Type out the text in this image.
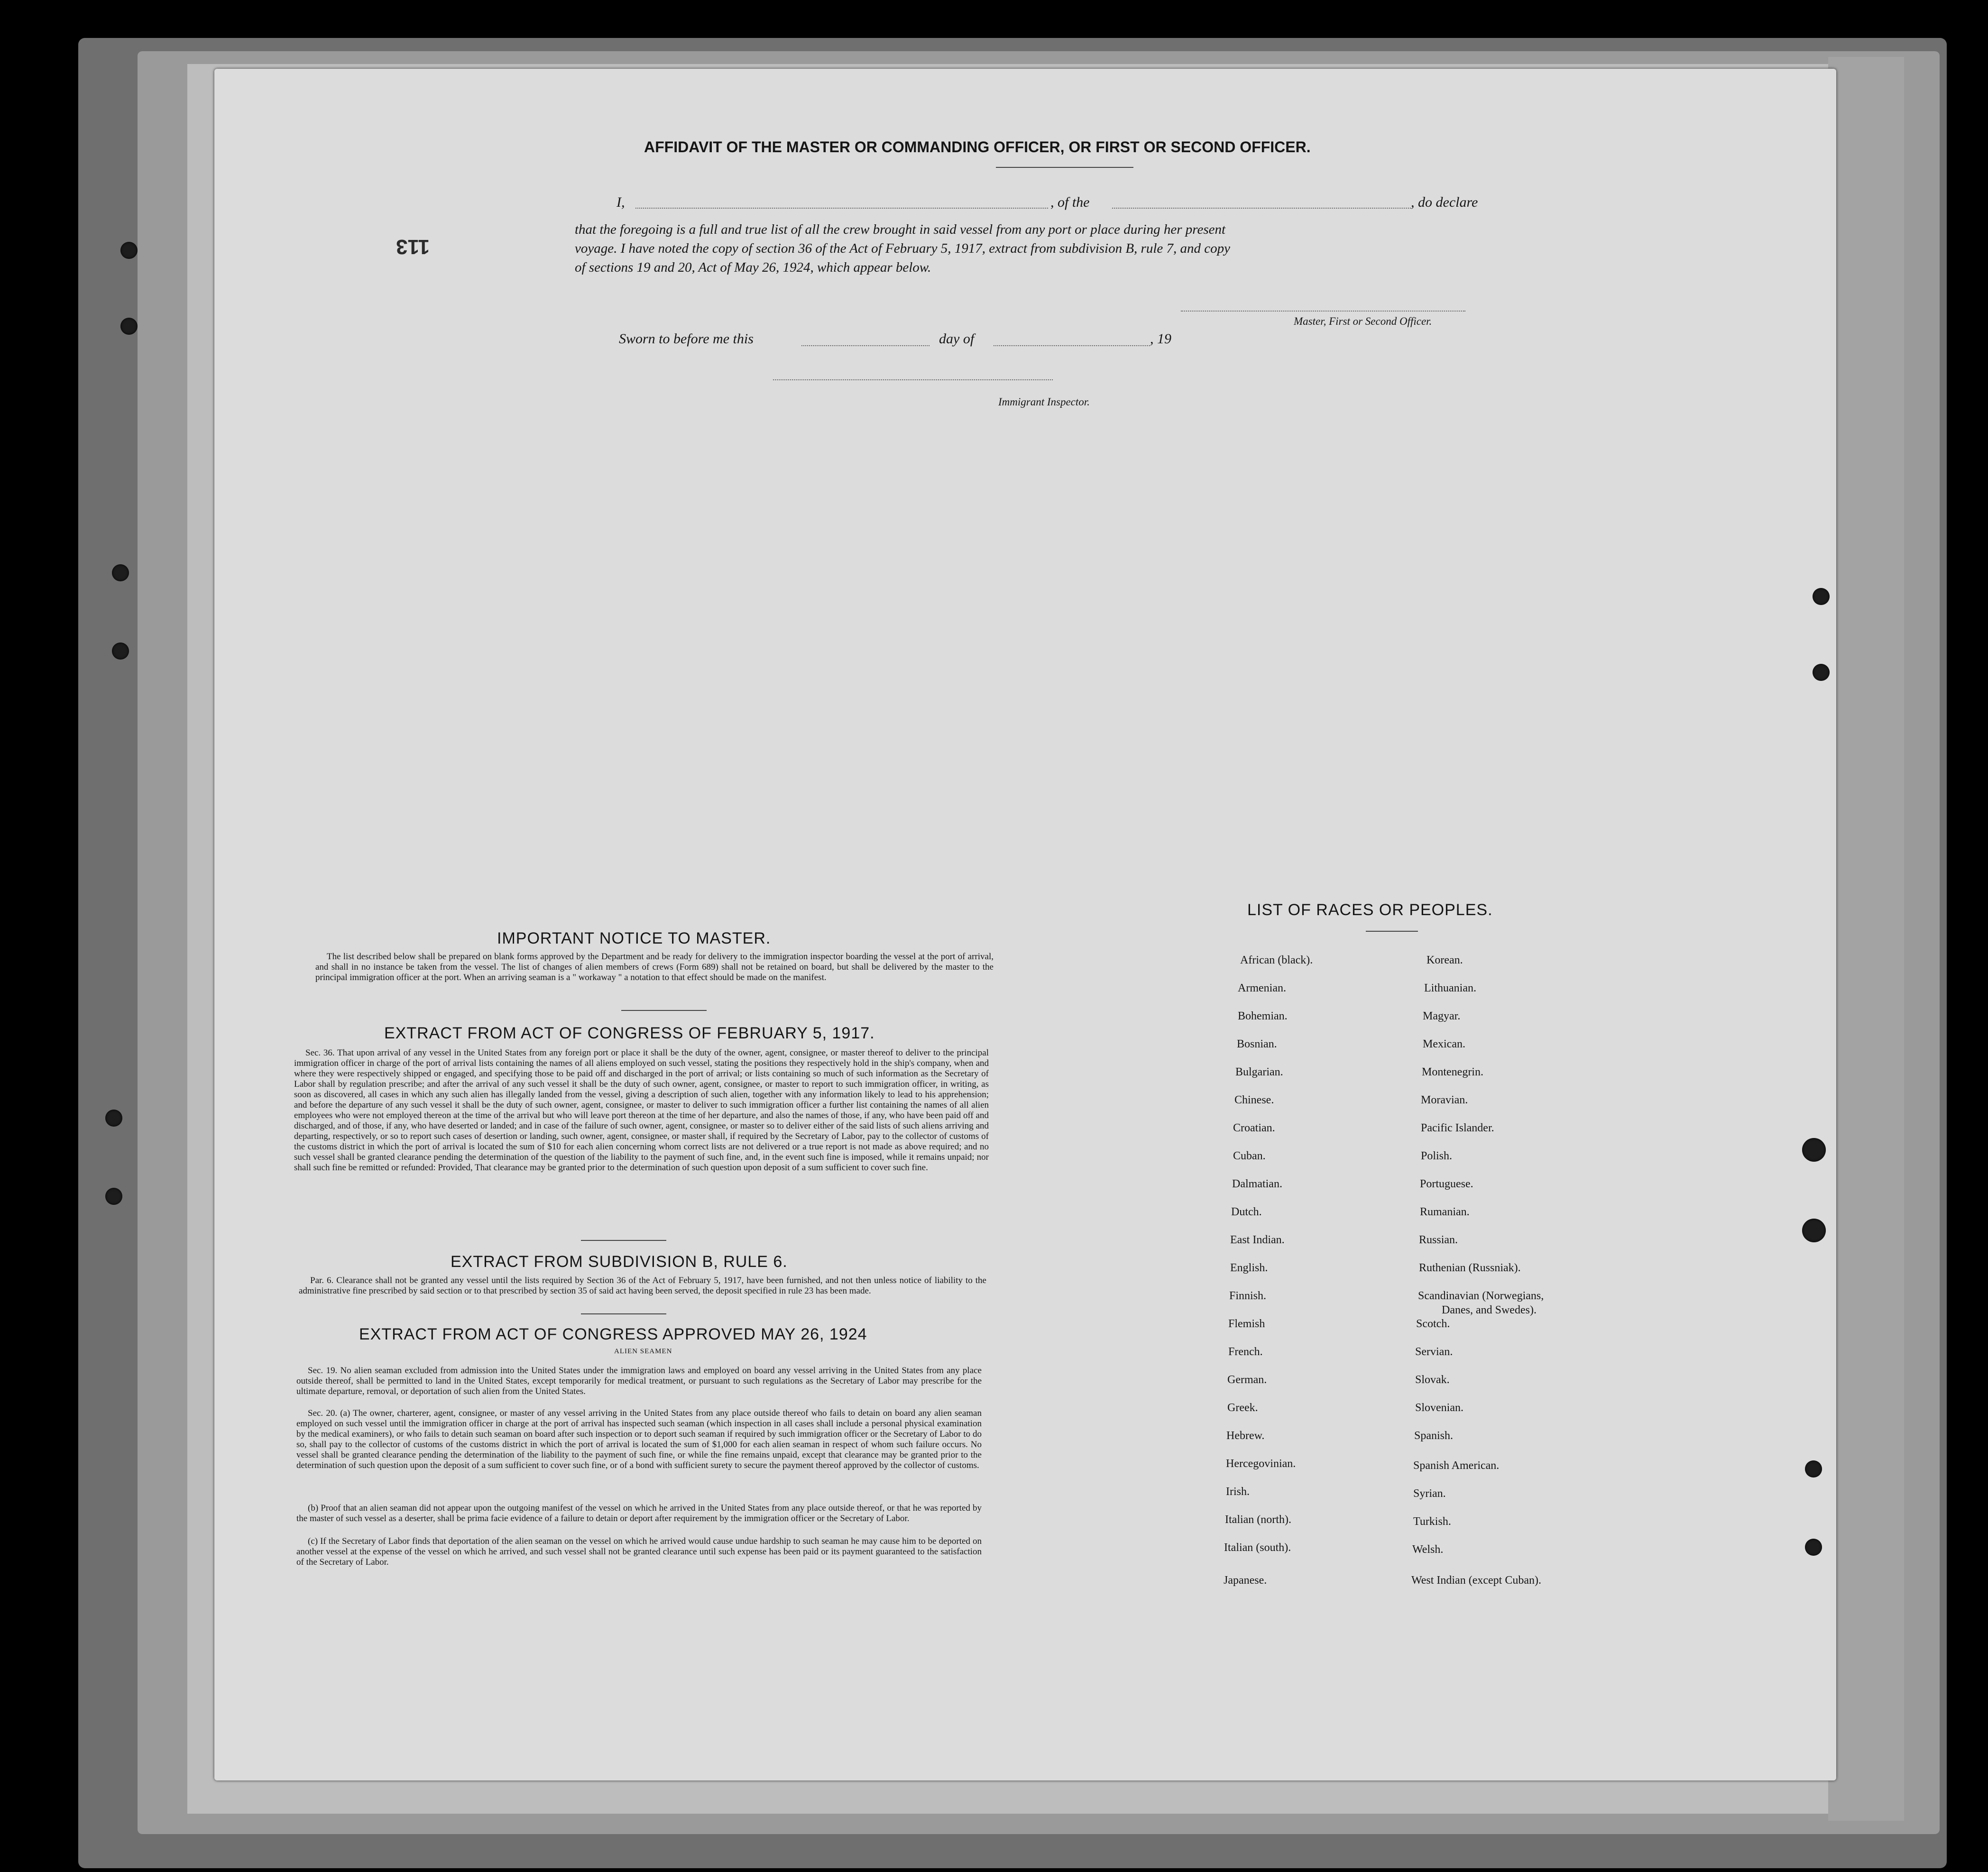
113
AFFIDAVIT OF THE MASTER OR COMMANDING OFFICER, OR FIRST OR SECOND OFFICER.
I,	, of the	, do declare
that the foregoing is a full and true list of all the crew brought in said vessel from any port or place during her present
voyage. I have noted the copy of section 36 of the Act of February 5, 1917, extract from subdivision B, rule 7, and copy
of sections 19 and 20, Act of May 26, 1924, which appear below.
Master, First or Second Officer.
Sworn to before me this	day of	, 19
Immigrant Inspector.
IMPORTANT NOTICE TO MASTER.
The list described below shall be prepared on blank forms approved by the Department and be ready for delivery to the immigration inspector boarding the vessel at the port of arrival, and shall in no instance be taken from the vessel. The list of changes of alien members of crews (Form 689) shall not be retained on board, but shall be delivered by the master to the principal immigration officer at the port. When an arriving seaman is a " workaway " a notation to that effect should be made on the manifest.
EXTRACT FROM ACT OF CONGRESS OF FEBRUARY 5, 1917.
Sec. 36. That upon arrival of any vessel in the United States from any foreign port or place it shall be the duty of the owner, agent, consignee, or master thereof to deliver to the principal immigration officer in charge of the port of arrival lists containing the names of all aliens employed on such vessel, stating the positions they respectively hold in the ship's company, when and where they were respectively shipped or engaged, and specifying those to be paid off and discharged in the port of arrival; or lists containing so much of such information as the Secretary of Labor shall by regulation prescribe; and after the arrival of any such vessel it shall be the duty of such owner, agent, consignee, or master to report to such immigration officer, in writing, as soon as discovered, all cases in which any such alien has illegally landed from the vessel, giving a description of such alien, together with any information likely to lead to his apprehension; and before the departure of any such vessel it shall be the duty of such owner, agent, consignee, or master to deliver to such immigration officer a further list containing the names of all alien employees who were not employed thereon at the time of the arrival but who will leave port thereon at the time of her departure, and also the names of those, if any, who have been paid off and discharged, and of those, if any, who have deserted or landed; and in case of the failure of such owner, agent, consignee, or master so to deliver either of the said lists of such aliens arriving and departing, respectively, or so to report such cases of desertion or landing, such owner, agent, consignee, or master shall, if required by the Secretary of Labor, pay to the collector of customs of the customs district in which the port of arrival is located the sum of $10 for each alien concerning whom correct lists are not delivered or a true report is not made as above required; and no such vessel shall be granted clearance pending the determination of the question of the liability to the payment of such fine, and, in the event such fine is imposed, while it remains unpaid; nor shall such fine be remitted or refunded: Provided, That clearance may be granted prior to the determination of such question upon deposit of a sum sufficient to cover such fine.
EXTRACT FROM SUBDIVISION B, RULE 6.
Par. 6. Clearance shall not be granted any vessel until the lists required by Section 36 of the Act of February 5, 1917, have been furnished, and not then unless notice of liability to the administrative fine prescribed by said section or to that prescribed by section 35 of said act having been served, the deposit specified in rule 23 has been made.
EXTRACT FROM ACT OF CONGRESS APPROVED MAY 26, 1924
ALIEN SEAMEN
Sec. 19. No alien seaman excluded from admission into the United States under the immigration laws and employed on board any vessel arriving in the United States from any place outside thereof, shall be permitted to land in the United States, except temporarily for medical treatment, or pursuant to such regulations as the Secretary of Labor may prescribe for the ultimate departure, removal, or deportation of such alien from the United States.
Sec. 20. (a) The owner, charterer, agent, consignee, or master of any vessel arriving in the United States from any place outside thereof who fails to detain on board any alien seaman employed on such vessel until the immigration officer in charge at the port of arrival has inspected such seaman (which inspection in all cases shall include a personal physical examination by the medical examiners), or who fails to detain such seaman on board after such inspection or to deport such seaman if required by such immigration officer or the Secretary of Labor to do so, shall pay to the collector of customs of the customs district in which the port of arrival is located the sum of $1,000 for each alien seaman in respect of whom such failure occurs. No vessel shall be granted clearance pending the determination of the liability to the payment of such fine, or while the fine remains unpaid, except that clearance may be granted prior to the determination of such question upon the deposit of a sum sufficient to cover such fine, or of a bond with sufficient surety to secure the payment thereof approved by the collector of customs.
(b) Proof that an alien seaman did not appear upon the outgoing manifest of the vessel on which he arrived in the United States from any place outside thereof, or that he was reported by the master of such vessel as a deserter, shall be prima facie evidence of a failure to detain or deport after requirement by the immigration officer or the Secretary of Labor.
(c) If the Secretary of Labor finds that deportation of the alien seaman on the vessel on which he arrived would cause undue hardship to such seaman he may cause him to be deported on another vessel at the expense of the vessel on which he arrived, and such vessel shall not be granted clearance until such expense has been paid or its payment guaranteed to the satisfaction of the Secretary of Labor.
LIST OF RACES OR PEOPLES.
African (black).
Armenian.
Bohemian.
Bosnian.
Bulgarian.
Chinese.
Croatian.
Cuban.
Dalmatian.
Dutch.
East Indian.
English.
Finnish.
Flemish
French.
German.
Greek.
Hebrew.
Hercegovinian.
Irish.
Italian (north).
Italian (south).
Japanese.
Korean.
Lithuanian.
Magyar.
Mexican.
Montenegrin.
Moravian.
Pacific Islander.
Polish.
Portuguese.
Rumanian.
Russian.
Ruthenian (Russniak).
Scandinavian (Norwegians,
Danes, and Swedes).
Scotch.
Servian.
Slovak.
Slovenian.
Spanish.
Spanish American.
Syrian.
Turkish.
Welsh.
West Indian (except Cuban).
